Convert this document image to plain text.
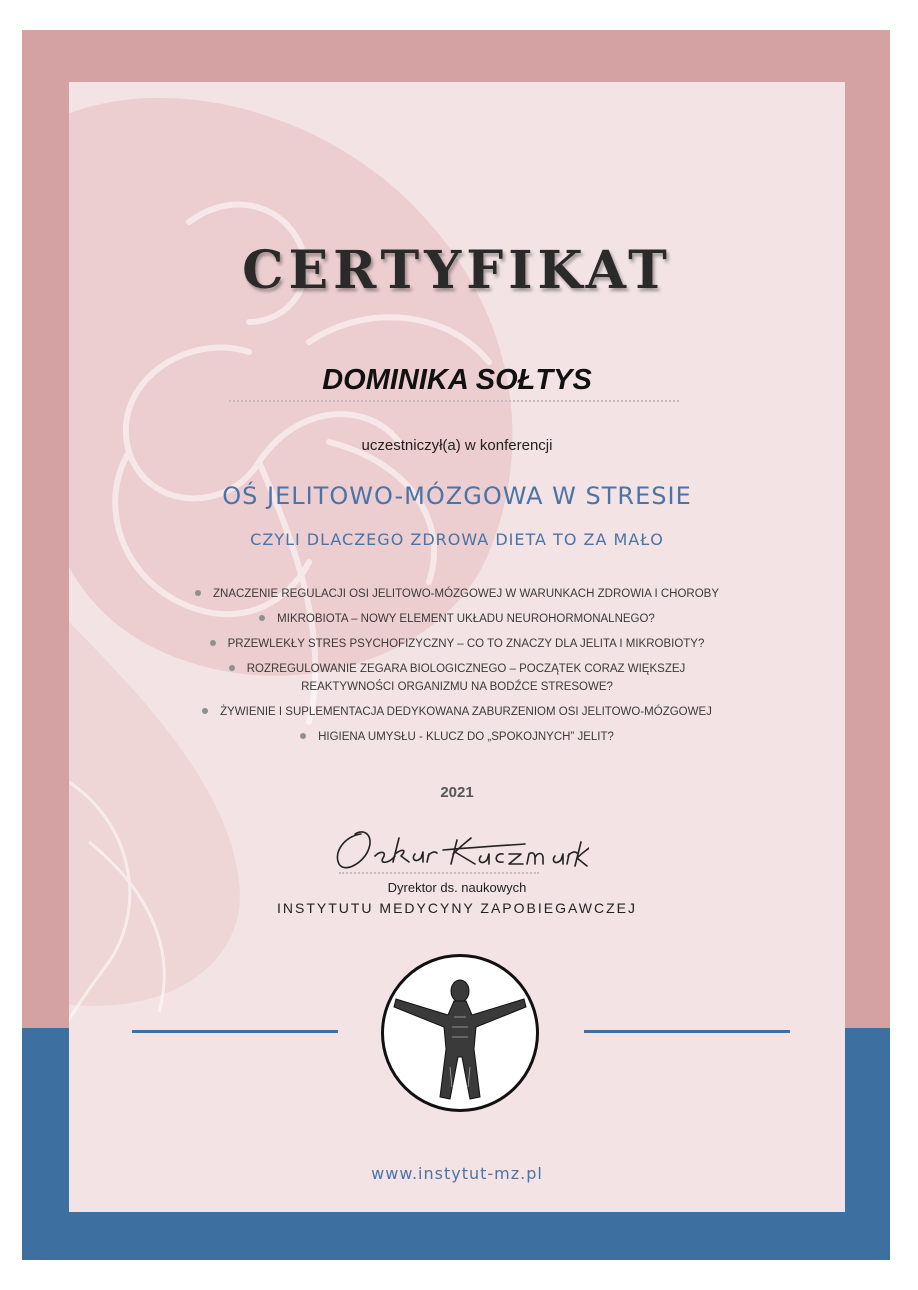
CERTYFIKAT
DOMINIKA SOŁTYS
uczestniczył(a) w konferencji
OŚ JELITOWO-MÓZGOWA W STRESIE
CZYLI DLACZEGO ZDROWA DIETA TO ZA MAŁO
ZNACZENIE REGULACJI OSI JELITOWO-MÓZGOWEJ W WARUNKACH ZDROWIA I CHOROBY
MIKROBIOTA – NOWY ELEMENT UKŁADU NEUROHORMONALNEGO?
PRZEWLEKŁY STRES PSYCHOFIZYCZNY – CO TO ZNACZY DLA JELITA I MIKROBIOTY?
ROZREGULOWANIE ZEGARA BIOLOGICZNEGO – POCZĄTEK CORAZ WIĘKSZEJ REAKTYWNOŚCI ORGANIZMU NA BODŹCE STRESOWE?
ŻYWIENIE I SUPLEMENTACJA DEDYKOWANA ZABURZENIOM OSI JELITOWO-MÓZGOWEJ
HIGIENA UMYSŁU - KLUCZ DO „SPOKOJNYCH” JELIT?
2021
Dyrektor ds. naukowych
INSTYTUTU MEDYCYNY ZAPOBIEGAWCZEJ
www.instytut-mz.pl
